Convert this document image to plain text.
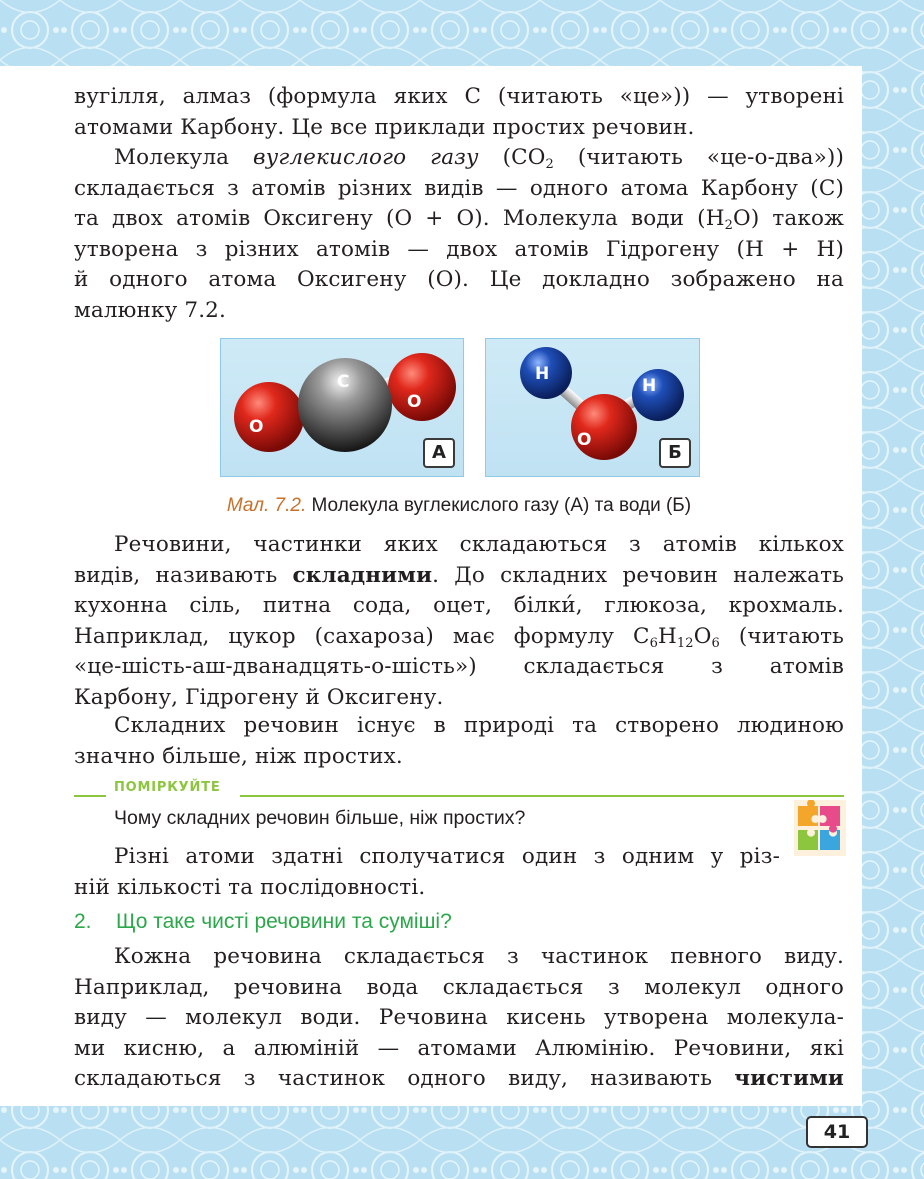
вугілля, алмаз (формула яких C (читають «це»)) — утворені
атомами Карбону. Це все приклади простих речовин.
Молекула вуглекислого газу ($CO_2$ (читають «це-о-два»))
складається з атомів різних видів — одного атома Карбону (C)
та двох атомів Оксигену (O + O). Молекула води $(H_2O)$ також
утворена з різних атомів — двох атомів Гідрогену (H + H)
й одного атома Оксигену (O). Це докладно зображено на
малюнку 7.2.
C
O
O
А
H
H
O
Б
Мал. 7.2. Молекула вуглекислого газу (А) та води (Б)
Речовини, частинки яких складаються з атомів кількох
видів, називають складними. До складних речовин належать
кухонна сіль, питна сода, оцет, білки́, глюкоза, крохмаль.
Наприклад, цукор (сахароза) має формулу $C_6H_{12}O_6$ (читають
«це-шість-аш-дванадцять-о-шість») складається з атомів
Карбону, Гідрогену й Оксигену.
Складних речовин існує в природі та створено людиною
значно більше, ніж простих.
ПОМІРКУЙТЕ
Чому складних речовин більше, ніж простих?
Різні атоми здатні сполучатися один з одним у різ-
ній кількості та послідовності.
2. Що таке чисті речовини та суміші?
Кожна речовина складається з частинок певного виду.
Наприклад, речовина вода складається з молекул одного
виду — молекул води. Речовина кисень утворена молекула-
ми кисню, а алюміній — атомами Алюмінію. Речовини, які
складаються з частинок одного виду, називають чистими
41
